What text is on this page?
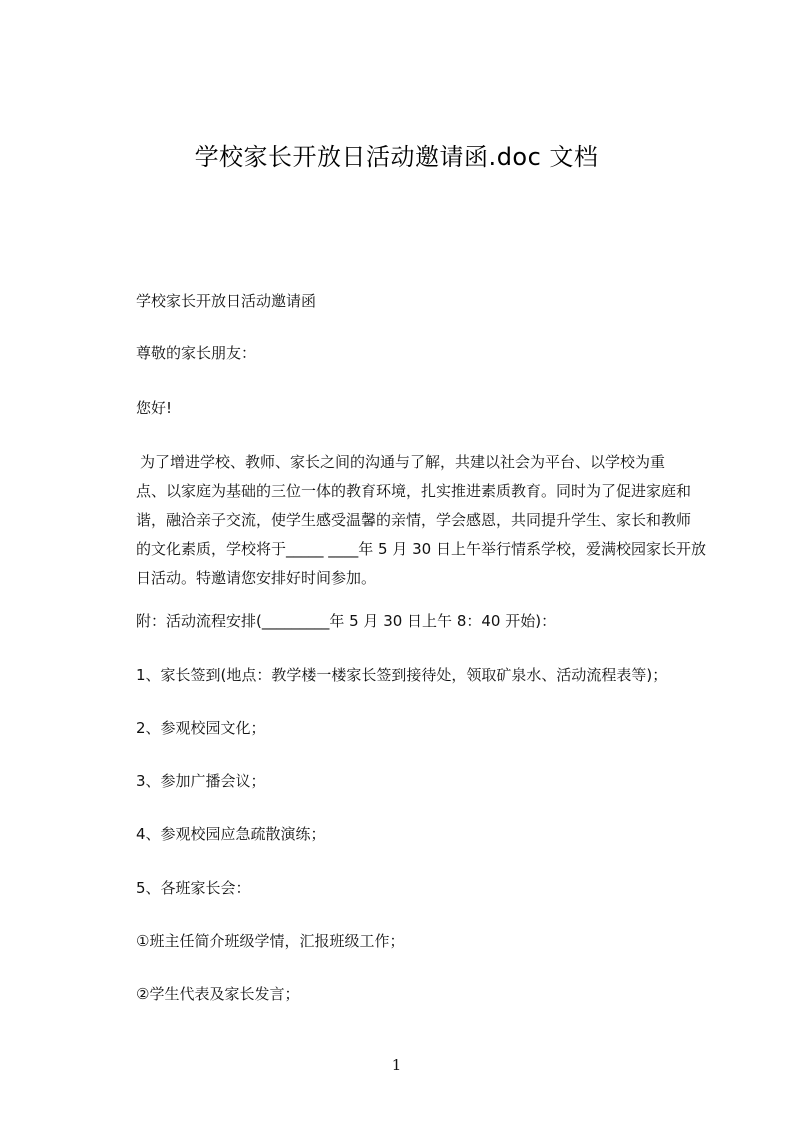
学校家长开放日活动邀请函.doc 文档
学校家长开放日活动邀请函
尊敬的家长朋友：
您好!
为了增进学校、教师、家长之间的沟通与了解，共建以社会为平台、以学校为重
点、以家庭为基础的三位一体的教育环境，扎实推进素质教育。同时为了促进家庭和
谐，融洽亲子交流，使学生感受温馨的亲情，学会感恩，共同提升学生、家长和教师
的文化素质，学校将于_____ ____年 5 月 30 日上午举行情系学校，爱满校园家长开放
日活动。特邀请您安排好时间参加。
附：活动流程安排(_________年 5 月 30 日上午 8：40 开始)：
1、家长签到(地点：教学楼一楼家长签到接待处，领取矿泉水、活动流程表等)；
2、参观校园文化；
3、参加广播会议；
4、参观校园应急疏散演练；
5、各班家长会：
①班主任简介班级学情，汇报班级工作；
②学生代表及家长发言；
1
